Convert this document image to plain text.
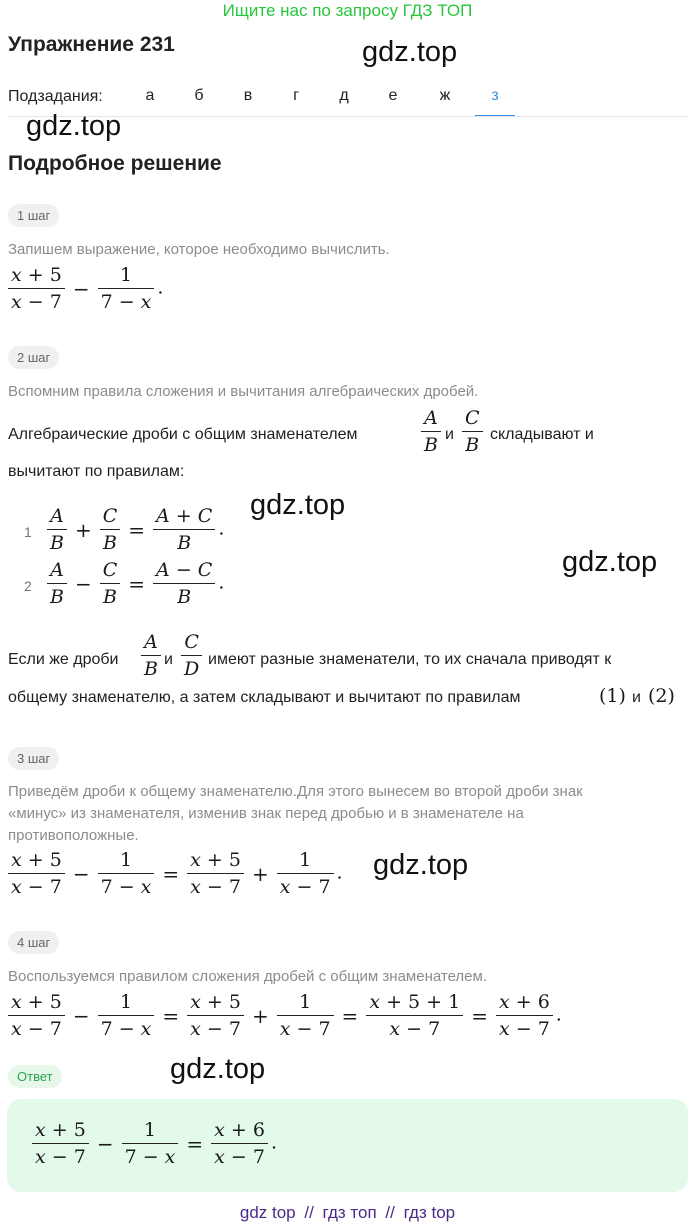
Ищите нас по запросу ГДЗ ТОП
Упражнение 231	gdz.top
Подзадания:	а	б	в	г	д	е	ж	з
gdz.top
Подробное решение
1 шаг
Запишем выражение, которое необходимо вычислить.
$\frac{x + 5}{x - 7} - \frac{1}{7 - x}$ .
2 шаг
Вспомним правила сложения и вычитания алгебраических дробей.
Алгебраические дроби с общим знаменателем	$\frac{A}{B}$ и $\frac{C}{B}$ складывают и
вычитают по правилам:
$1 \frac{A}{B} + \frac{C}{B} = \frac{A + C}{B}$ .
$2 \frac{A}{B} - \frac{C}{B} = \frac{A - C}{B}$ .
gdz.top
gdz.top
Если же дроби $\frac{A}{B}$ и $\frac{C}{D}$ имеют разные знаменатели, то их сначала приводят к
общему знаменателю, а затем складывают и вычитают по правилам	(1) и (2)
3 шаг
Приведём дроби к общему знаменателю.Для этого вынесем во второй дроби знак
«минус» из знаменателя, изменив знак перед дробью и в знаменателе на
противоположные.
$\frac{x + 5}{x - 7} - \frac{1}{7 - x} = \frac{x + 5}{x - 7} + \frac{1}{x - 7}$ . gdz.top
4 шаг
Воспользуемся правилом сложения дробей с общим знаменателем.
$\frac{x + 5}{x - 7} - \frac{1}{7 - x} = \frac{x + 5}{x - 7} + \frac{1}{x - 7} = \frac{x + 5 + 1}{x - 7} = \frac{x + 6}{x - 7}$ .
Ответ	gdz.top
$\frac{x + 5}{x - 7} - \frac{1}{7 - x} = \frac{x + 6}{x - 7}$ .
gdz top // гдз топ // гдз top
